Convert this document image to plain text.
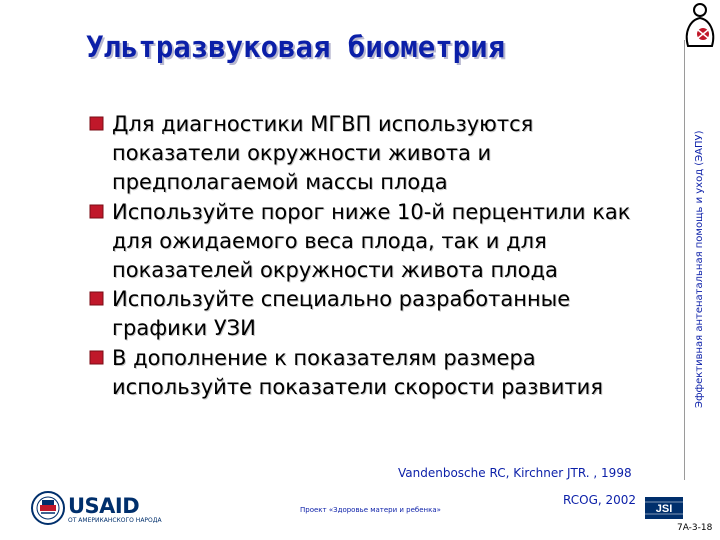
Ультразвуковая биометрия
Эффективная антенатальная помощь и уход (ЭАПУ)
Для диагностики МГВП используются показатели окружности живота и предполагаемой массы плода
Используйте порог ниже 10-й перцентили как для ожидаемого веса плода, так и для показателей окружности живота плода
Используйте специально разработанные графики УЗИ
В дополнение к показателям размера используйте показатели скорости развития
Vandenbosche RC, Kirchner JTR. , 1998
RCOG, 2002
Проект «Здоровье матери и ребенка»
USAID
ОТ АМЕРИКАНСКОГО НАРОДА
JSI
7A-3-18
